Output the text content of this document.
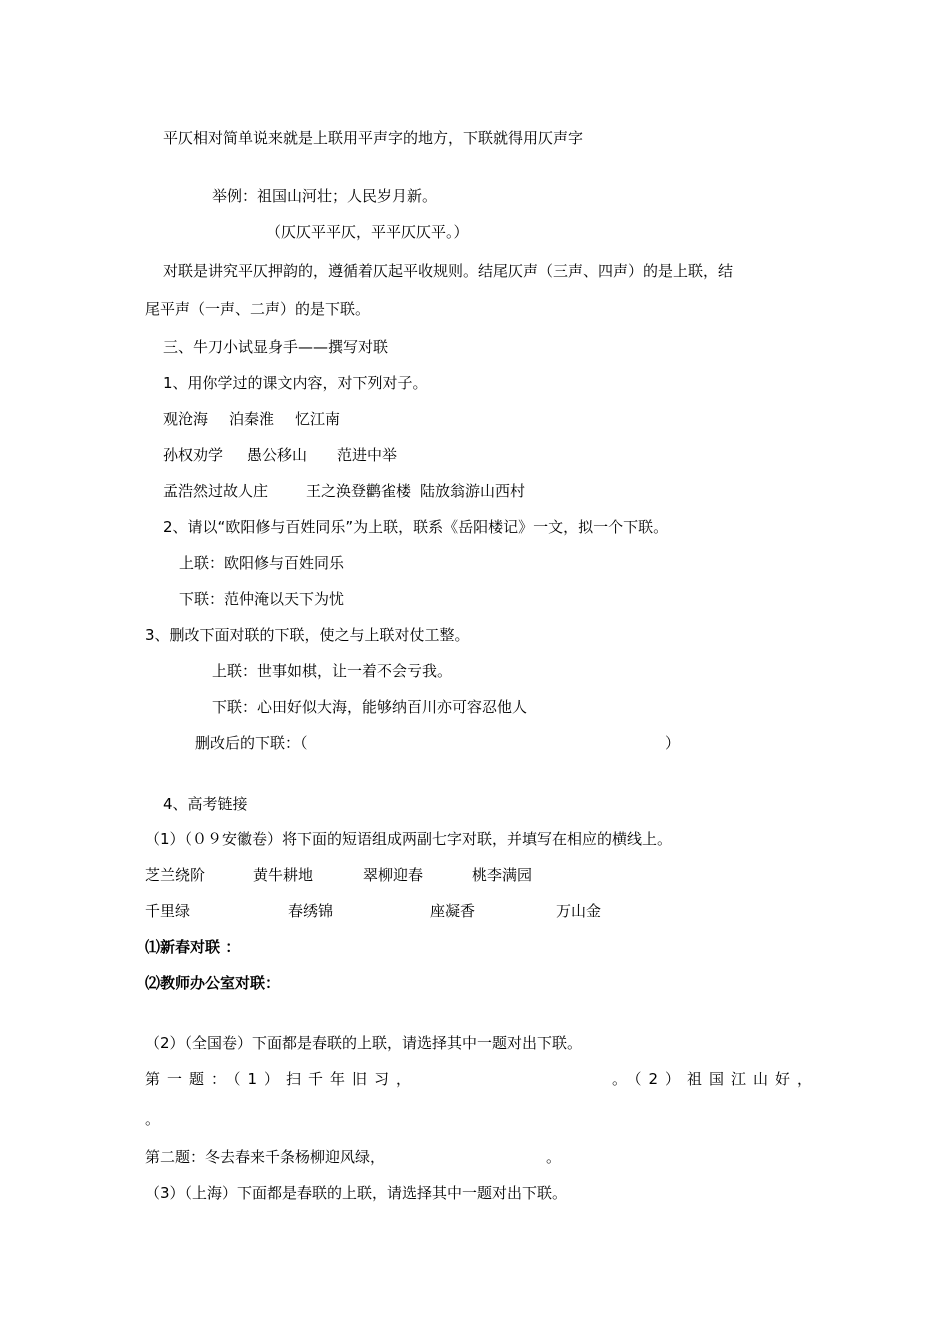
平仄相对简单说来就是上联用平声字的地方，下联就得用仄声字
举例：祖国山河壮；人民岁月新。
（仄仄平平仄，平平仄仄平。）
对联是讲究平仄押韵的，遵循着仄起平收规则。结尾仄声（三声、四声）的是上联，结
尾平声（一声、二声）的是下联。
三、牛刀小试显身手——撰写对联
1、用你学过的课文内容，对下列对子。
观沧海 泊秦淮 忆江南
孙权劝学 愚公移山 范进中举
孟浩然过故人庄	王之涣登鹳雀楼 陆放翁游山西村
2、请以“欧阳修与百姓同乐”为上联，联系《岳阳楼记》一文，拟一个下联。
上联：欧阳修与百姓同乐
下联：范仲淹以天下为忧
3、删改下面对联的下联，使之与上联对仗工整。
上联：世事如棋，让一着不会亏我。
下联：心田好似大海，能够纳百川亦可容忍他人
删改后的下联：（	）
4、高考链接
（1）（０９安徽卷）将下面的短语组成两副七字对联，并填写在相应的横线上。
芝兰绕阶	黄牛耕地	翠柳迎春	桃李满园
千里绿	春绣锦	座凝香	万山金
⑴新春对联 ：
⑵教师办公室对联：
（2）（全国卷）下面都是春联的上联，请选择其中一题对出下联。
第一题：（1）扫千年旧习，	。（2）祖国江山好，
。
第二题：冬去春来千条杨柳迎风绿，	。
（3）（上海）下面都是春联的上联，请选择其中一题对出下联。
